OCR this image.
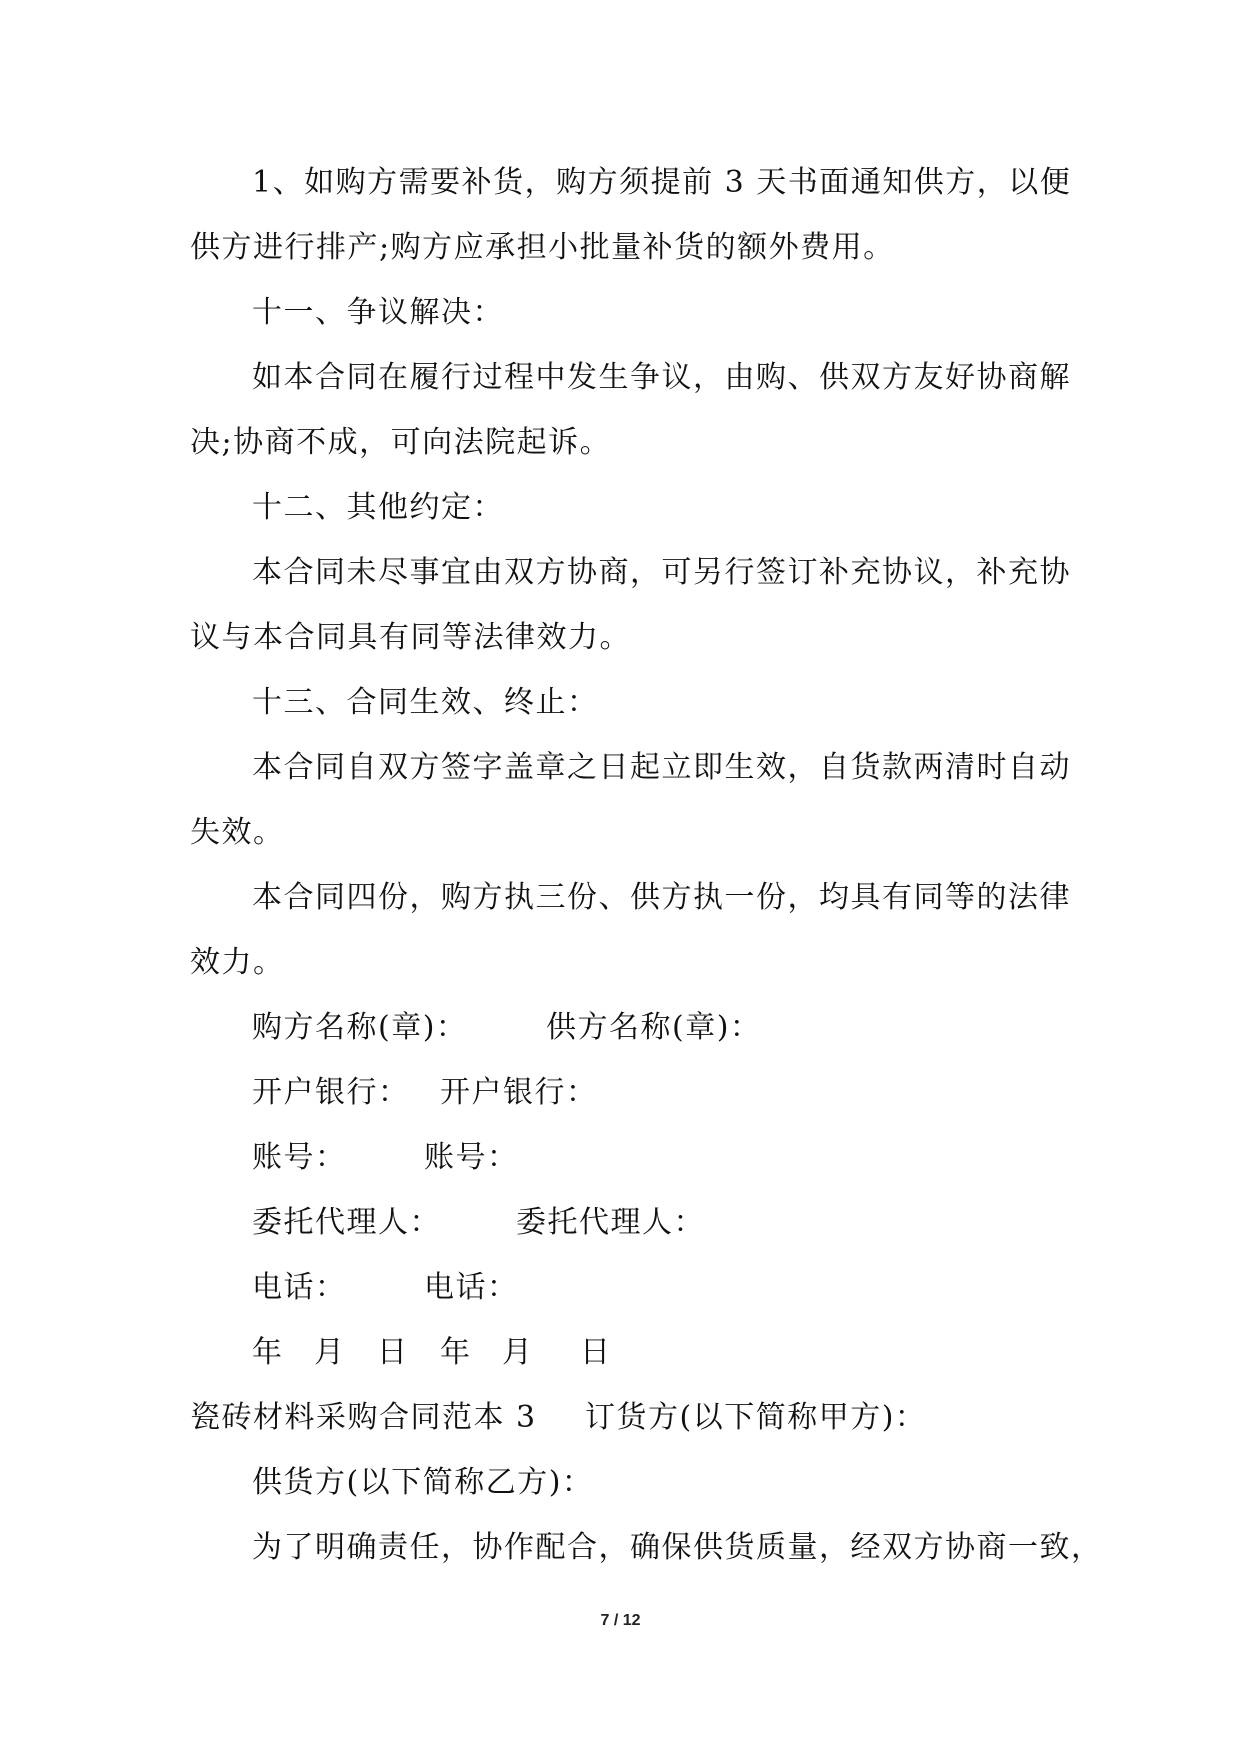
1、如购方需要补货，购方须提前 3 天书面通知供方，以便
供方进行排产;购方应承担小批量补货的额外费用。
十一、争议解决：
如本合同在履行过程中发生争议，由购、供双方友好协商解
决;协商不成，可向法院起诉。
十二、其他约定：
本合同未尽事宜由双方协商，可另行签订补充协议，补充协
议与本合同具有同等法律效力。
十三、合同生效、终止：
本合同自双方签字盖章之日起立即生效，自货款两清时自动
失效。
本合同四份，购方执三份、供方执一份，均具有同等的法律
效力。
购方名称(章)：	供方名称(章)：
开户银行： 开户银行：
账号：	账号：
委托代理人：	委托代理人：
电话：	电话：
年 月 日 年 月 日
瓷砖材料采购合同范本 3 订货方(以下简称甲方)：
供货方(以下简称乙方)：
为了明确责任，协作配合，确保供货质量，经双方协商一致，
7 / 12
